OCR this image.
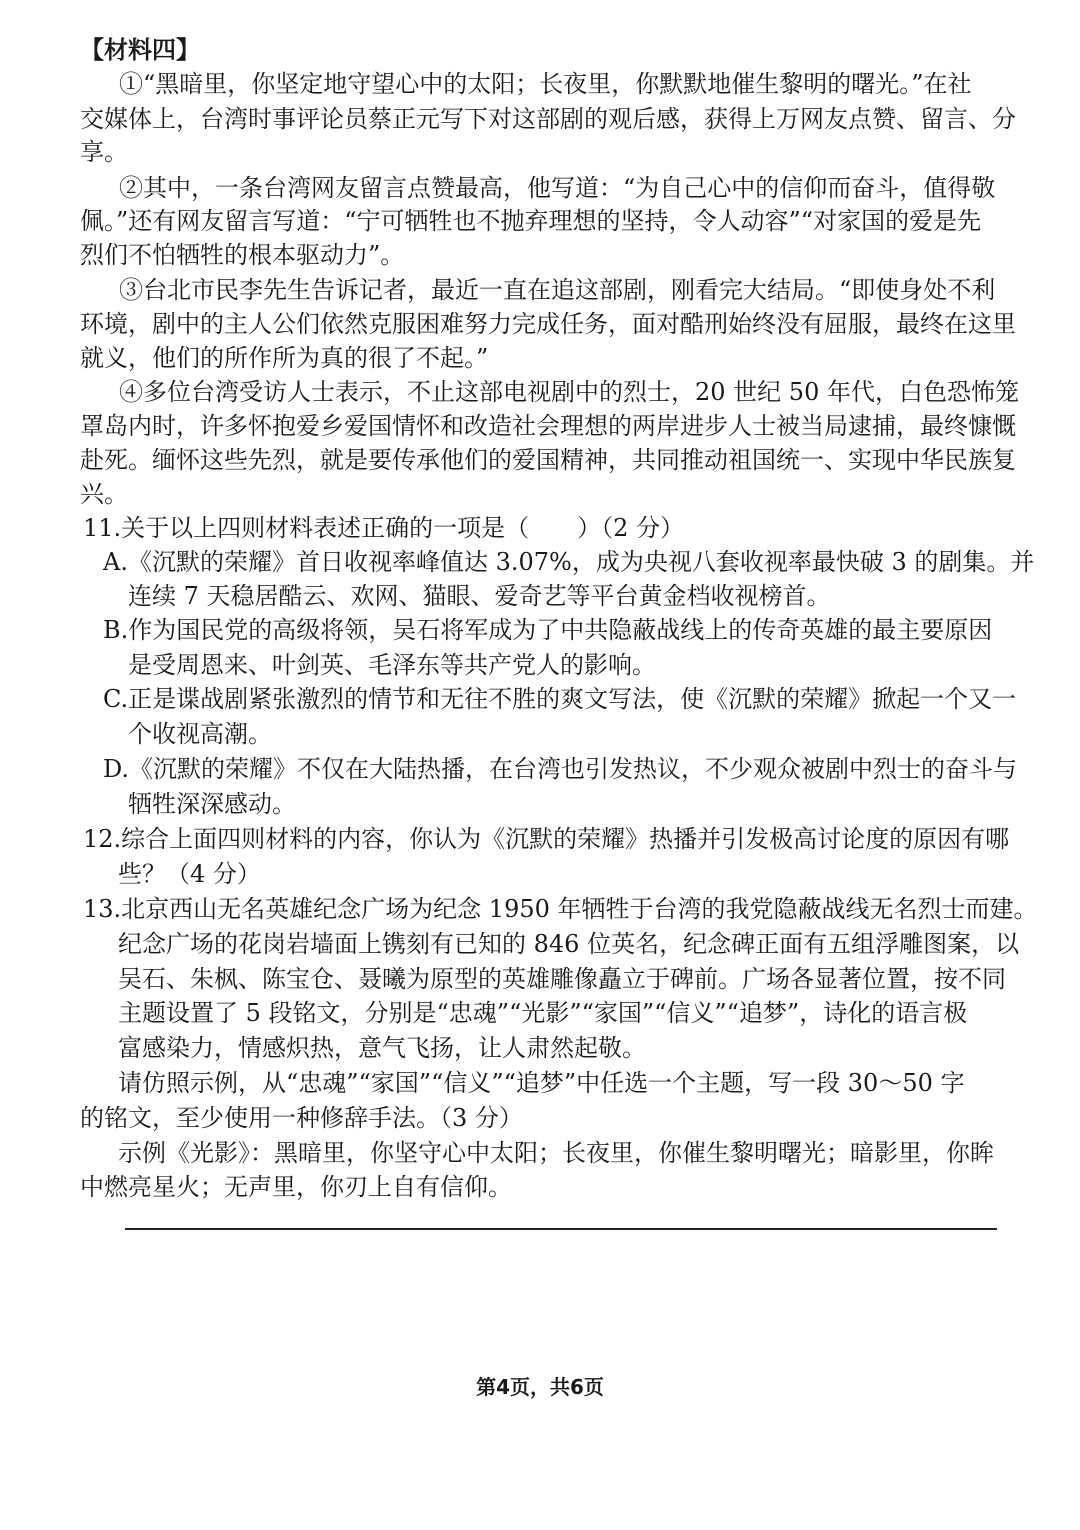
【材料四】
①“黑暗里，你坚定地守望心中的太阳；长夜里，你默默地催生黎明的曙光。”在社
交媒体上，台湾时事评论员蔡正元写下对这部剧的观后感，获得上万网友点赞、留言、分
享。
②其中，一条台湾网友留言点赞最高，他写道：“为自己心中的信仰而奋斗，值得敬
佩。”还有网友留言写道：“宁可牺牲也不抛弃理想的坚持，令人动容”“对家国的爱是先
烈们不怕牺牲的根本驱动力”。
③台北市民李先生告诉记者，最近一直在追这部剧，刚看完大结局。“即使身处不利
环境，剧中的主人公们依然克服困难努力完成任务，面对酷刑始终没有屈服，最终在这里
就义，他们的所作所为真的很了不起。”
④多位台湾受访人士表示，不止这部电视剧中的烈士，20 世纪 50 年代，白色恐怖笼
罩岛内时，许多怀抱爱乡爱国情怀和改造社会理想的两岸进步人士被当局逮捕，最终慷慨
赴死。缅怀这些先烈，就是要传承他们的爱国精神，共同推动祖国统一、实现中华民族复
兴。
11.关于以上四则材料表述正确的一项是（　　）（2 分）
A.《沉默的荣耀》首日收视率峰值达 3.07%，成为央视八套收视率最快破 3 的剧集。并
连续 7 天稳居酷云、欢网、猫眼、爱奇艺等平台黄金档收视榜首。
B.作为国民党的高级将领，吴石将军成为了中共隐蔽战线上的传奇英雄的最主要原因
是受周恩来、叶剑英、毛泽东等共产党人的影响。
C.正是谍战剧紧张激烈的情节和无往不胜的爽文写法，使《沉默的荣耀》掀起一个又一
个收视高潮。
D.《沉默的荣耀》不仅在大陆热播，在台湾也引发热议，不少观众被剧中烈士的奋斗与
牺牲深深感动。
12.综合上面四则材料的内容，你认为《沉默的荣耀》热播并引发极高讨论度的原因有哪
些？（4 分）
13.北京西山无名英雄纪念广场为纪念 1950 年牺牲于台湾的我党隐蔽战线无名烈士而建。
纪念广场的花岗岩墙面上镌刻有已知的 846 位英名，纪念碑正面有五组浮雕图案，以
吴石、朱枫、陈宝仓、聂曦为原型的英雄雕像矗立于碑前。广场各显著位置，按不同
主题设置了 5 段铭文，分别是“忠魂”“光影”“家国”“信义”“追梦”，诗化的语言极
富感染力，情感炽热，意气飞扬，让人肃然起敬。
请仿照示例，从“忠魂”“家国”“信义”“追梦”中任选一个主题，写一段 30～50 字
的铭文，至少使用一种修辞手法。（3 分）
示例《光影》：黑暗里，你坚守心中太阳；长夜里，你催生黎明曙光；暗影里，你眸
中燃亮星火；无声里，你刃上自有信仰。
第4页，共6页
